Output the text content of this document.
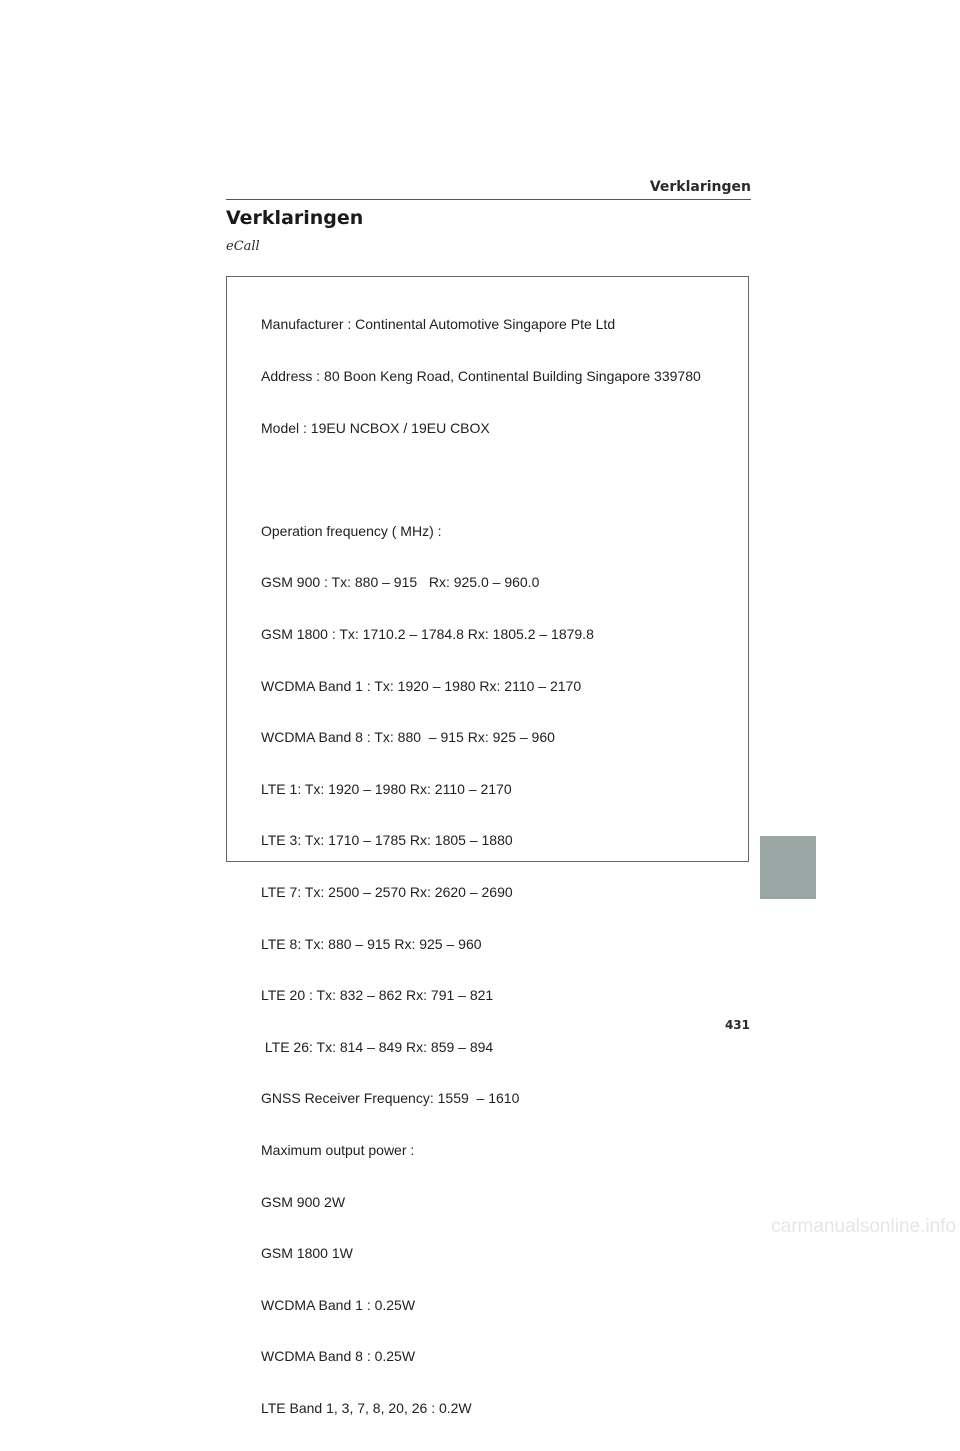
Verklaringen
Verklaringen
eCall

Manufacturer : Continental Automotive Singapore Pte Ltd

Address : 80 Boon Keng Road, Continental Building Singapore 339780

Model : 19EU NCBOX / 19EU CBOX

Operation frequency ( MHz) :

GSM 900 : Tx: 880 – 915   Rx: 925.0 – 960.0

GSM 1800 : Tx: 1710.2 – 1784.8 Rx: 1805.2 – 1879.8

WCDMA Band 1 : Tx: 1920 – 1980 Rx: 2110 – 2170

WCDMA Band 8 : Tx: 880  – 915 Rx: 925 – 960

LTE 1: Tx: 1920 – 1980 Rx: 2110 – 2170

LTE 3: Tx: 1710 – 1785 Rx: 1805 – 1880

LTE 7: Tx: 2500 – 2570 Rx: 2620 – 2690

LTE 8: Tx: 880 – 915 Rx: 925 – 960

LTE 20 : Tx: 832 – 862 Rx: 791 – 821

LTE 26: Tx: 814 – 849 Rx: 859 – 894

GNSS Receiver Frequency: 1559  – 1610

Maximum output power :

GSM 900 2W

GSM 1800 1W

WCDMA Band 1 : 0.25W

WCDMA Band 8 : 0.25W

LTE Band 1, 3, 7, 8, 20, 26 : 0.2W

431
carmanualsonline.info
